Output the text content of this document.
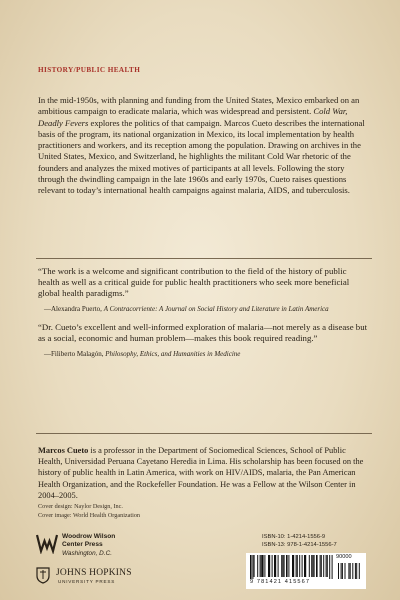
HISTORY/PUBLIC HEALTH
In the mid-1950s, with planning and funding from the United States, Mexico embarked on an ambitious campaign to eradicate malaria, which was widespread and persistent. Cold War, Deadly Fevers explores the politics of that campaign. Marcos Cueto describes the international basis of the program, its national organization in Mexico, its local implementation by health practitioners and workers, and its reception among the population. Drawing on archives in the United States, Mexico, and Switzerland, he highlights the militant Cold War rhetoric of the founders and analyzes the mixed motives of participants at all levels. Following the story through the dwindling campaign in the late 1960s and early 1970s, Cueto raises questions relevant to today’s international health campaigns against malaria, AIDS, and tuberculosis.
“The work is a welcome and significant contribution to the field of the history of public health as well as a critical guide for public health practitioners who seek more beneficial global health paradigms.”
—Alexandra Puerto, A Contracorriente: A Journal on Social History and Literature in Latin America
“Dr. Cueto’s excellent and well-informed exploration of malaria—not merely as a disease but as a social, economic and human problem—makes this book required reading.”
—Filiberto Malagón, Philosophy, Ethics, and Humanities in Medicine
Marcos Cueto is a professor in the Department of Sociomedical Sciences, School of Public Health, Universidad Peruana Cayetano Heredia in Lima. His scholarship has been focused on the history of public health in Latin America, with work on HIV/AIDS, malaria, the Pan American Health Organization, and the Rockefeller Foundation. He was a Fellow at the Wilson Center in 2004–2005.
Cover design: Naylor Design, Inc.
Cover image: World Health Organization
Woodrow Wilson
Center Press
Washington, D.C.
JOHNS HOPKINS
UNIVERSITY PRESS
ISBN-10: 1-4214-1556-9
ISBN-13: 978-1-4214-1556-7
9 781421 415567
90000
